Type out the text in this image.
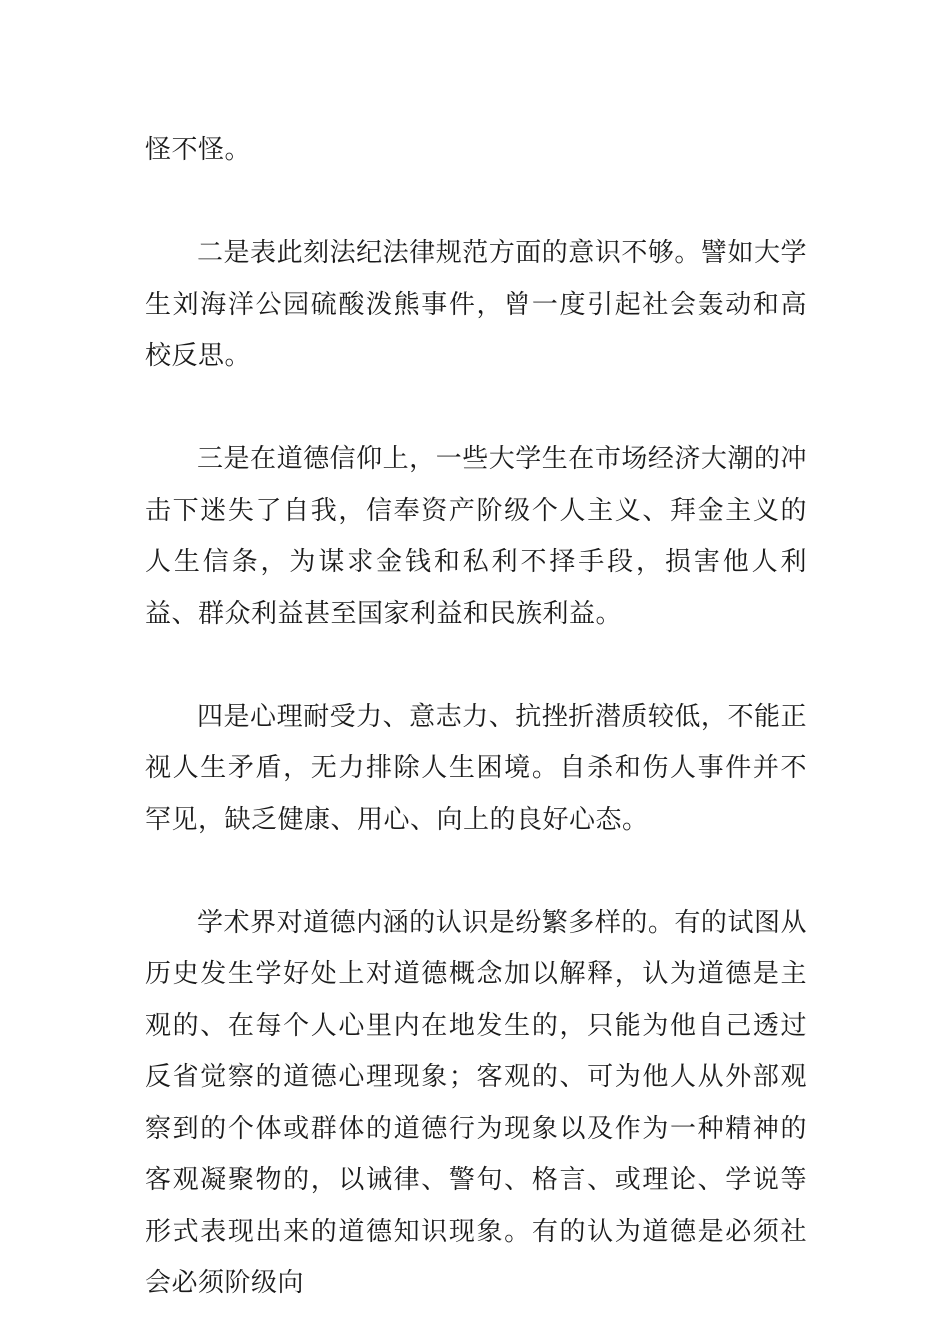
怪不怪。

二是表此刻法纪法律规范方面的意识不够。譬如大学生刘海洋公园硫酸泼熊事件，曾一度引起社会轰动和高校反思。

三是在道德信仰上，一些大学生在市场经济大潮的冲击下迷失了自我，信奉资产阶级个人主义、拜金主义的人生信条，为谋求金钱和私利不择手段，损害他人利益、群众利益甚至国家利益和民族利益。

四是心理耐受力、意志力、抗挫折潜质较低，不能正视人生矛盾，无力排除人生困境。自杀和伤人事件并不罕见，缺乏健康、用心、向上的良好心态。

学术界对道德内涵的认识是纷繁多样的。有的试图从历史发生学好处上对道德概念加以解释，认为道德是主观的、在每个人心里内在地发生的，只能为他自己透过反省觉察的道德心理现象；客观的、可为他人从外部观察到的个体或群体的道德行为现象以及作为一种精神的客观凝聚物的，以诫律、警句、格言、或理论、学说等形式表现出来的道德知识现象。有的认为道德是必须社会必须阶级向
